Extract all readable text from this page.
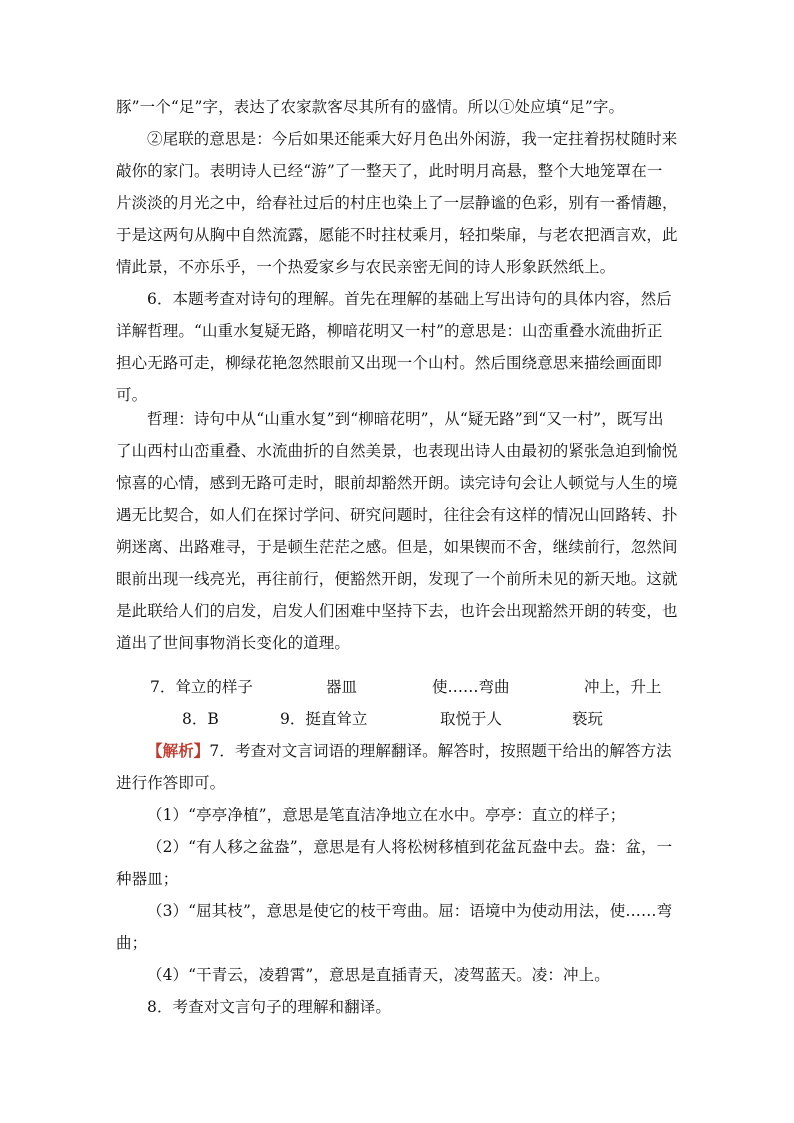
豚”一个“足”字，表达了农家款客尽其所有的盛情。所以①处应填“足”字。

②尾联的意思是：今后如果还能乘大好月色出外闲游，我一定拄着拐杖随时来敲你的家门。表明诗人已经“游”了一整天了，此时明月高悬，整个大地笼罩在一片淡淡的月光之中，给春社过后的村庄也染上了一层静谧的色彩，别有一番情趣，于是这两句从胸中自然流露，愿能不时拄杖乘月，轻扣柴扉，与老农把酒言欢，此情此景，不亦乐乎，一个热爱家乡与农民亲密无间的诗人形象跃然纸上。

6．本题考查对诗句的理解。首先在理解的基础上写出诗句的具体内容，然后详解哲理。“山重水复疑无路，柳暗花明又一村”的意思是：山峦重叠水流曲折正担心无路可走，柳绿花艳忽然眼前又出现一个山村。然后围绕意思来描绘画面即可。

哲理：诗句中从“山重水复”到“柳暗花明”，从“疑无路”到“又一村”，既写出了山西村山峦重叠、水流曲折的自然美景，也表现出诗人由最初的紧张急迫到愉悦惊喜的心情，感到无路可走时，眼前却豁然开朗。读完诗句会让人顿觉与人生的境遇无比契合，如人们在探讨学问、研究问题时，往往会有这样的情况山回路转、扑朔迷离、出路难寻，于是顿生茫茫之感。但是，如果锲而不舍，继续前行，忽然间眼前出现一线亮光，再往前行，便豁然开朗，发现了一个前所未见的新天地。这就是此联给人们的启发，启发人们困难中坚持下去，也许会出现豁然开朗的转变，也道出了世间事物消长变化的道理。

7．耸立的样子	器皿	使……弯曲	冲上，升上
8．B	9．挺直耸立	取悦于人	亵玩

【解析】7．考查对文言词语的理解翻译。解答时，按照题干给出的解答方法进行作答即可。

（1）“亭亭净植”，意思是笔直洁净地立在水中。亭亭：直立的样子；

（2）“有人移之盆盎”，意思是有人将松树移植到花盆瓦盎中去。盎：盆，一种器皿；

（3）“屈其枝”，意思是使它的枝干弯曲。屈：语境中为使动用法，使……弯曲；

（4）“干青云，凌碧霄”，意思是直插青天，凌驾蓝天。凌：冲上。

8．考查对文言句子的理解和翻译。
